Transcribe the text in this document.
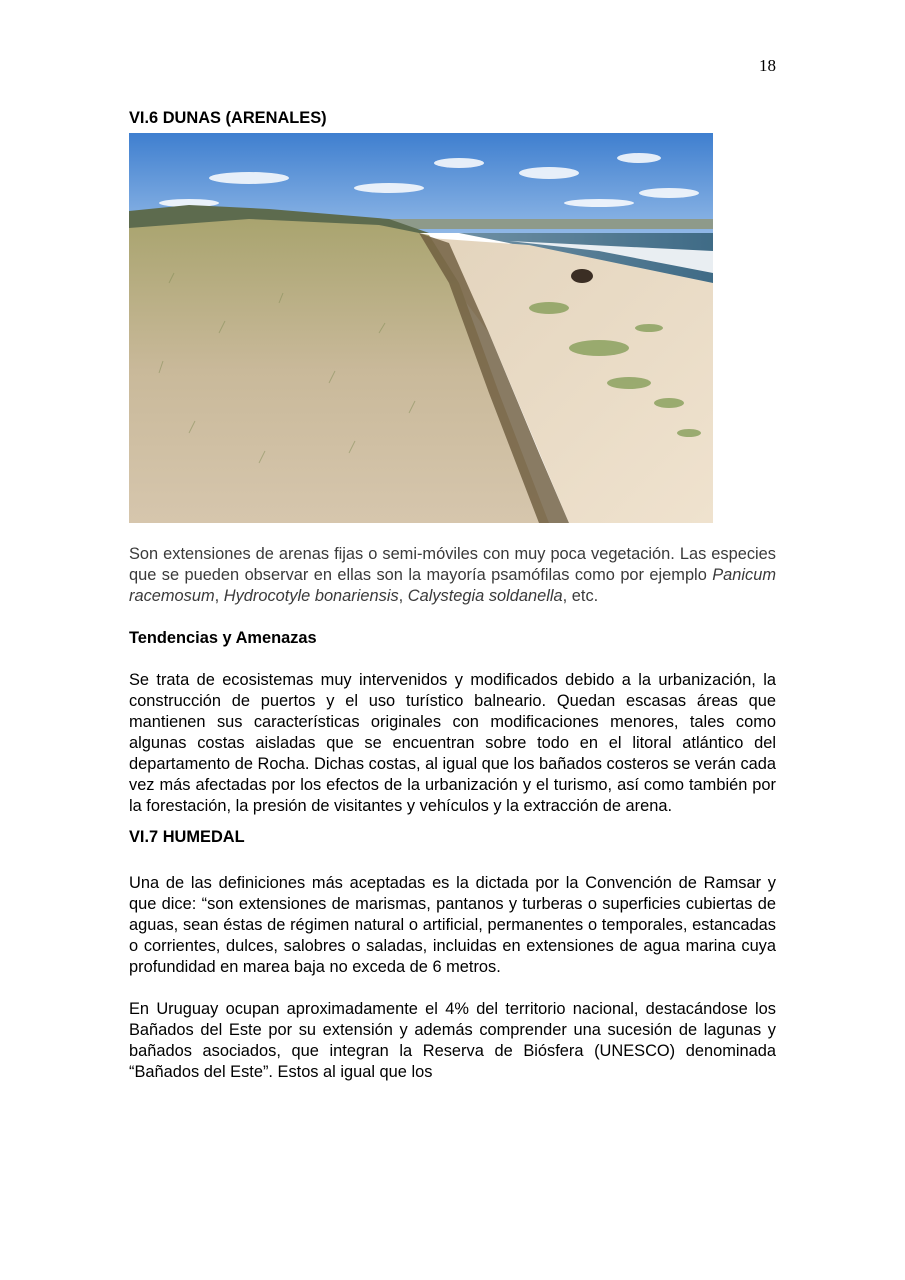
18
VI.6 DUNAS (ARENALES)

Son extensiones de arenas fijas o semi-móviles con muy poca vegetación. Las especies que se pueden observar en ellas son la mayoría psamófilas como por ejemplo Panicum racemosum, Hydrocotyle bonariensis, Calystegia soldanella, etc.

Tendencias y Amenazas

Se trata de ecosistemas muy intervenidos y modificados debido a la urbanización, la construcción de puertos y el uso turístico balneario. Quedan escasas áreas que mantienen sus características originales con modificaciones menores, tales como algunas costas aisladas que se encuentran sobre todo en el litoral atlántico del departamento de Rocha. Dichas costas, al igual que los bañados costeros se verán cada vez más afectadas por los efectos de la urbanización y el turismo, así como también por la forestación, la presión de visitantes y vehículos y la extracción de arena.

VI.7 HUMEDAL

Una de las definiciones más aceptadas es la dictada por la Convención de Ramsar y que dice: “son extensiones de marismas, pantanos y turberas o superficies cubiertas de aguas, sean éstas de régimen natural o artificial, permanentes o temporales, estancadas o corrientes, dulces, salobres o saladas, incluidas en extensiones de agua marina cuya profundidad en marea baja no exceda de 6 metros.

En Uruguay ocupan aproximadamente el 4% del territorio nacional, destacándose los Bañados del Este por su extensión y además comprender una sucesión de lagunas y bañados asociados, que integran la Reserva de Biósfera (UNESCO) denominada “Bañados del Este”. Estos al igual que los
